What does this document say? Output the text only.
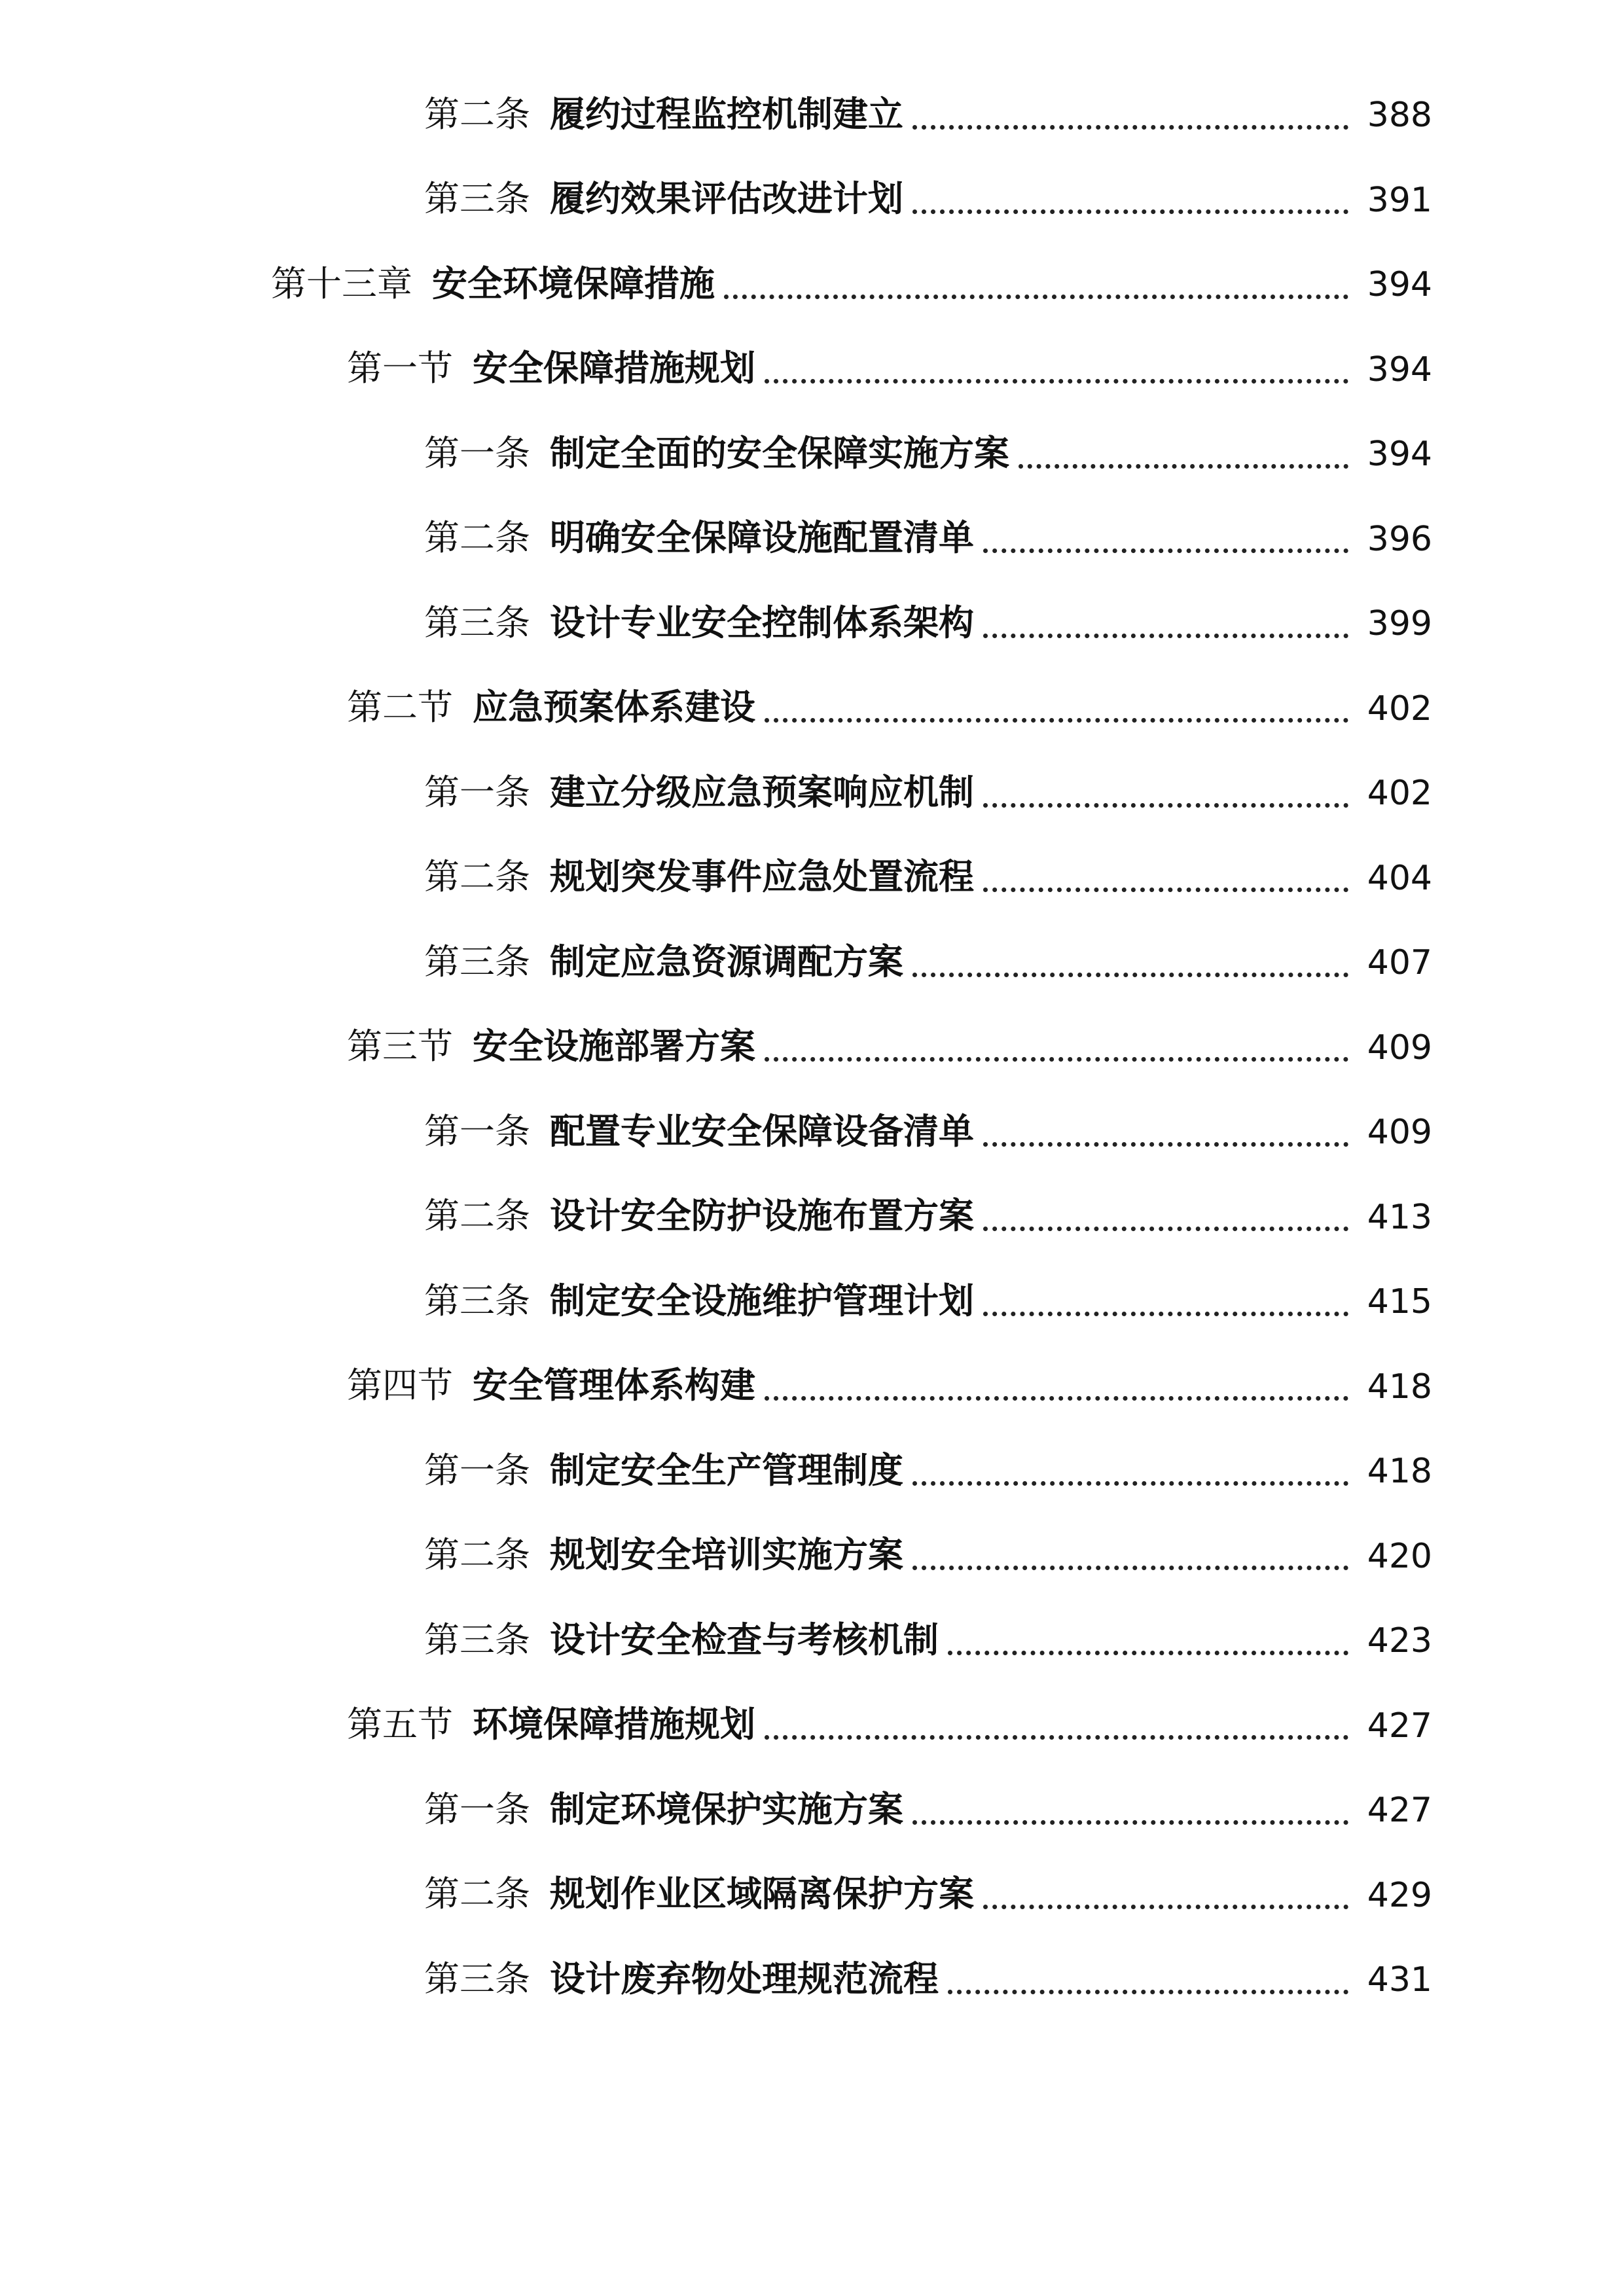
第二条 履约过程监控机制建立	388
第三条 履约效果评估改进计划	391
第十三章 安全环境保障措施	394
第一节 安全保障措施规划	394
第一条 制定全面的安全保障实施方案	394
第二条 明确安全保障设施配置清单	396
第三条 设计专业安全控制体系架构	399
第二节 应急预案体系建设	402
第一条 建立分级应急预案响应机制	402
第二条 规划突发事件应急处置流程	404
第三条 制定应急资源调配方案	407
第三节 安全设施部署方案	409
第一条 配置专业安全保障设备清单	409
第二条 设计安全防护设施布置方案	413
第三条 制定安全设施维护管理计划	415
第四节 安全管理体系构建	418
第一条 制定安全生产管理制度	418
第二条 规划安全培训实施方案	420
第三条 设计安全检查与考核机制	423
第五节 环境保障措施规划	427
第一条 制定环境保护实施方案	427
第二条 规划作业区域隔离保护方案	429
第三条 设计废弃物处理规范流程	431
